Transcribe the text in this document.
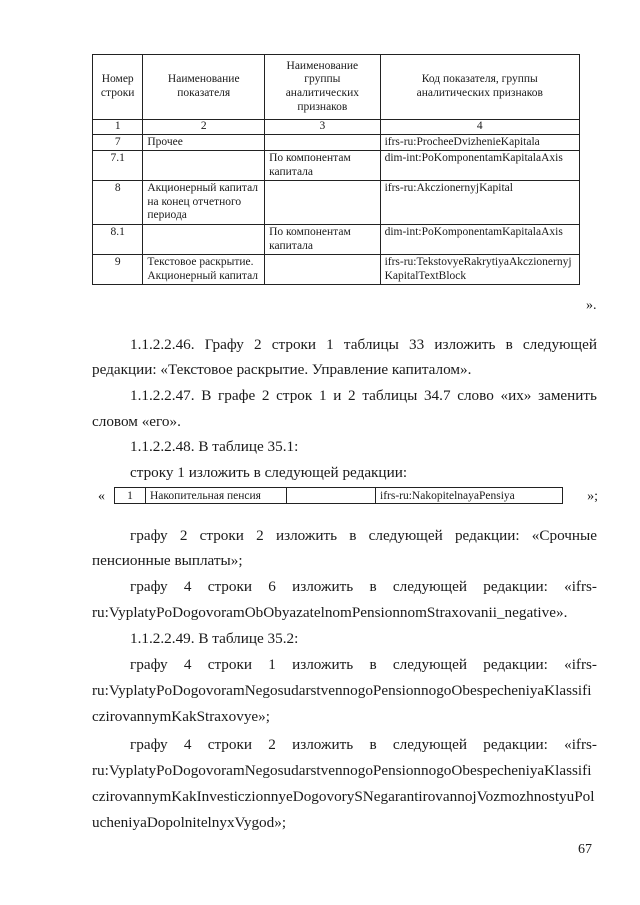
Номер строки	Наименование показателя	Наименование группы аналитических признаков	Код показателя, группы аналитических признаков
1	2	3	4
7	Прочее		ifrs-ru:ProcheeDvizhenieKapitala
7.1		По компонентам капитала	dim-int:PoKomponentamKapitalaAxis
8	Акционерный капитал на конец отчетного периода		ifrs-ru:AkczionernyjKapital
8.1		По компонентам капитала	dim-int:PoKomponentamKapitalaAxis
9	Текстовое раскрытие. Акционерный капитал		ifrs-ru:TekstovyeRakrytiyaAkczionernyjKapitalTextBlock
».
1.1.2.2.46. Графу 2 строки 1 таблицы 33 изложить в следующей
редакции: «Текстовое раскрытие. Управление капиталом».
1.1.2.2.47. В графе 2 строк 1 и 2 таблицы 34.7 слово «их» заменить
словом «его».
1.1.2.2.48. В таблице 35.1:
строку 1 изложить в следующей редакции:
« 1	Накопительная пенсия		ifrs-ru:NakopitelnayaPensiya	»;
графу 2 строки 2 изложить в следующей редакции: «Срочные
пенсионные выплаты»;
графу 4 строки 6 изложить в следующей редакции: «ifrs-
ru:VyplatyPoDogovoramObObyazatelnomPensionnomStraxovanii_negative».
1.1.2.2.49. В таблице 35.2:
графу 4 строки 1 изложить в следующей редакции: «ifrs-
ru:VyplatyPoDogovoramNegosudarstvennogoPensionnogoObespecheniyaKlassifi
czirovannymKakStraxovye»;
графу 4 строки 2 изложить в следующей редакции: «ifrs-
ru:VyplatyPoDogovoramNegosudarstvennogoPensionnogoObespecheniyaKlassifi
czirovannymKakInvesticzionnyeDogovorySNegarantirovannojVozmozhnostyuPol
ucheniyaDopolnitelnyxVygod»;
67
